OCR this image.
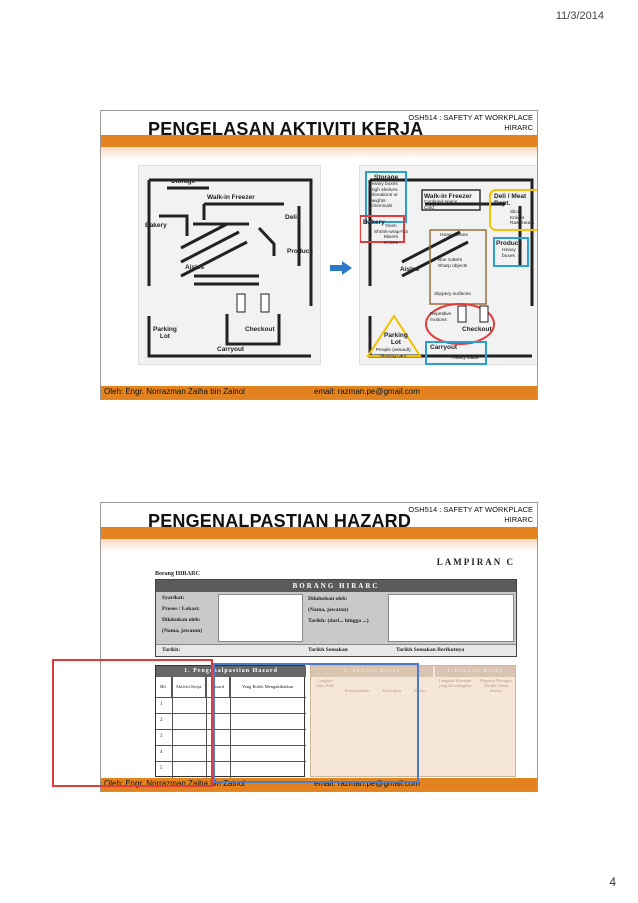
11/3/2014
PENGELASAN AKTIVITI KERJA
OSH514 : SAFETY AT WORKPLACE
HIRARC
Storage
Walk-in Freezer
Deli
Bakery
Produce
Aisles
Parking
Lot
Checkout
Carryout
Storage
Heavy boxes
High shelves
Elevations or
heights
Chemicals
Walk-in Freezer
Confined space
Cold
Deli / Meat
Dept.
Slicer
Knives
Raw meats
Bakery
Oven
Shrink-wrap-hot
Mixers
Knives
Heavy boxes
Aisles
Box cutters
Sharp objects
Produce
Heavy
boxes
Slippery surfaces
Repetitive
motions
Checkout
Parking
Lot
People (assault)
Moving cars
Carryout
Heavy loads
Oleh: Engr. Norrazman Zaiha bin Zainol	email: razman.pe@gmail.com
PENGENALPASTIAN HAZARD
OSH514 : SAFETY AT WORKPLACE
HIRARC
LAMPIRAN C
Borang HIRARC
BORANG HIRARC
Syarikat:
Proses / Lokasi:
Dilakukan oleh:
(Nama, jawatan)
Diluluskan oleh:
(Nama, jawatan)
Tarikh: (dari... hingga ...)
Tarikh:	Tarikh Semakan	Tarikh Semakan Berikutnya
1. Pengenalpastian Hazard
Bil.	Aktiviti Kerja	Hazard	Yang Boleh Mengakibatkan
1
2
3
4
5
2. Analisis Risiko	3. Kawalan Risiko
Langkah (Jika Ada)
Kemungkinan	Keterukan	Risiko
Langkah Kawalan yang Dicadangkan
Pegawai Bertugas (Tarikh Tamat Status)
Oleh: Engr. Norrazman Zaiha bin Zainol	email: razman.pe@gmail.com
4
